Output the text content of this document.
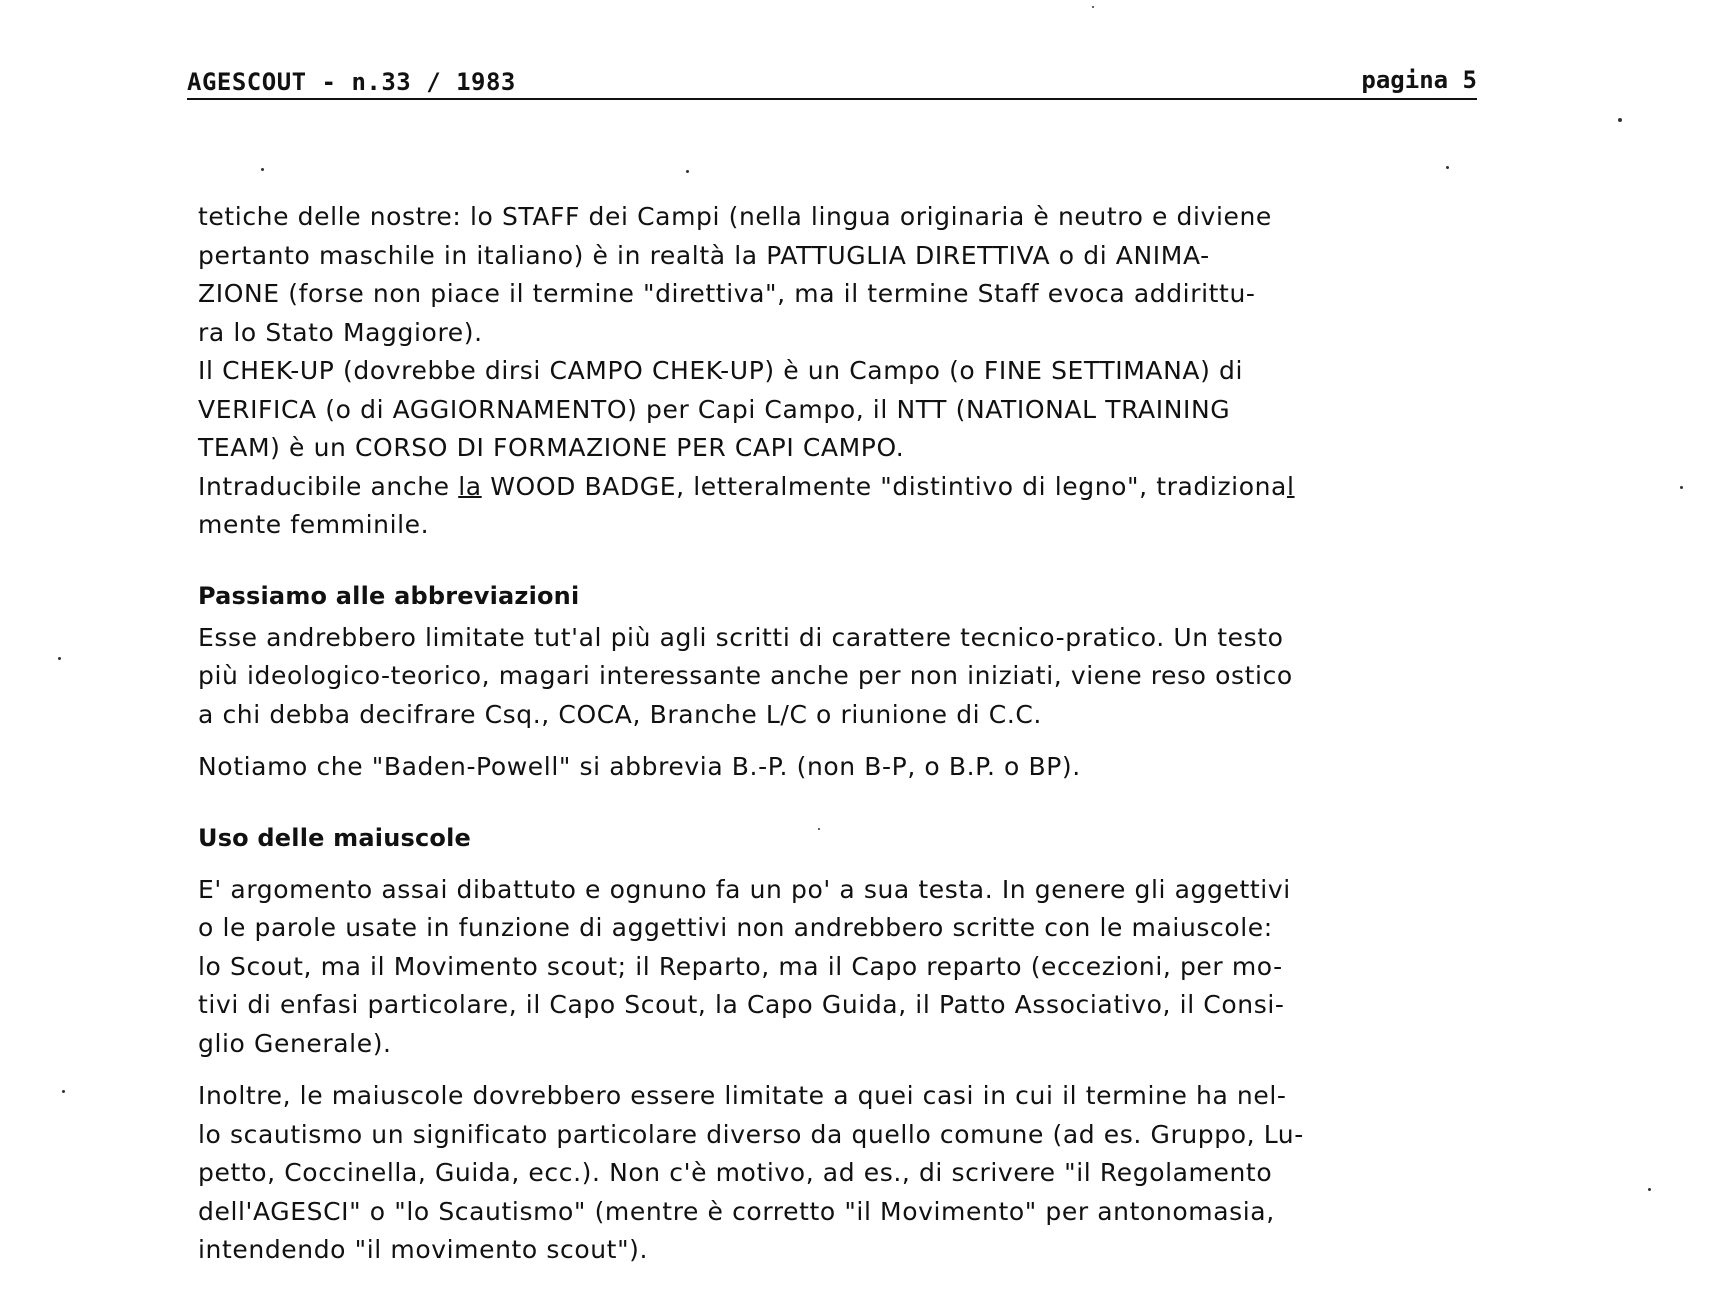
AGESCOUT - n.33 / 1983	pagina 5
tetiche delle nostre: lo STAFF dei Campi (nella lingua originaria è neutro e diviene
pertanto maschile in italiano) è in realtà la PATTUGLIA DIRETTIVA o di ANIMA-
ZIONE (forse non piace il termine "direttiva", ma il termine Staff evoca addirittu-
ra lo Stato Maggiore).
Il CHEK-UP (dovrebbe dirsi CAMPO CHEK-UP) è un Campo (o FINE SETTIMANA) di
VERIFICA (o di AGGIORNAMENTO) per Capi Campo, il NTT (NATIONAL TRAINING
TEAM) è un CORSO DI FORMAZIONE PER CAPI CAMPO.
Intraducibile anche la WOOD BADGE, letteralmente "distintivo di legno", tradizional
mente femminile.
Passiamo alle abbreviazioni
Esse andrebbero limitate tut'al più agli scritti di carattere tecnico-pratico. Un testo
più ideologico-teorico, magari interessante anche per non iniziati, viene reso ostico
a chi debba decifrare Csq., COCA, Branche L/C o riunione di C.C.
Notiamo che "Baden-Powell" si abbrevia B.-P. (non B-P, o B.P. o BP).
Uso delle maiuscole
E' argomento assai dibattuto e ognuno fa un po' a sua testa. In genere gli aggettivi
o le parole usate in funzione di aggettivi non andrebbero scritte con le maiuscole:
lo Scout, ma il Movimento scout; il Reparto, ma il Capo reparto (eccezioni, per mo-
tivi di enfasi particolare, il Capo Scout, la Capo Guida, il Patto Associativo, il Consi-
glio Generale).
Inoltre, le maiuscole dovrebbero essere limitate a quei casi in cui il termine ha nel-
lo scautismo un significato particolare diverso da quello comune (ad es. Gruppo, Lu-
petto, Coccinella, Guida, ecc.). Non c'è motivo, ad es., di scrivere "il Regolamento
dell'AGESCI" o "lo Scautismo" (mentre è corretto "il Movimento" per antonomasia,
intendendo "il movimento scout").
